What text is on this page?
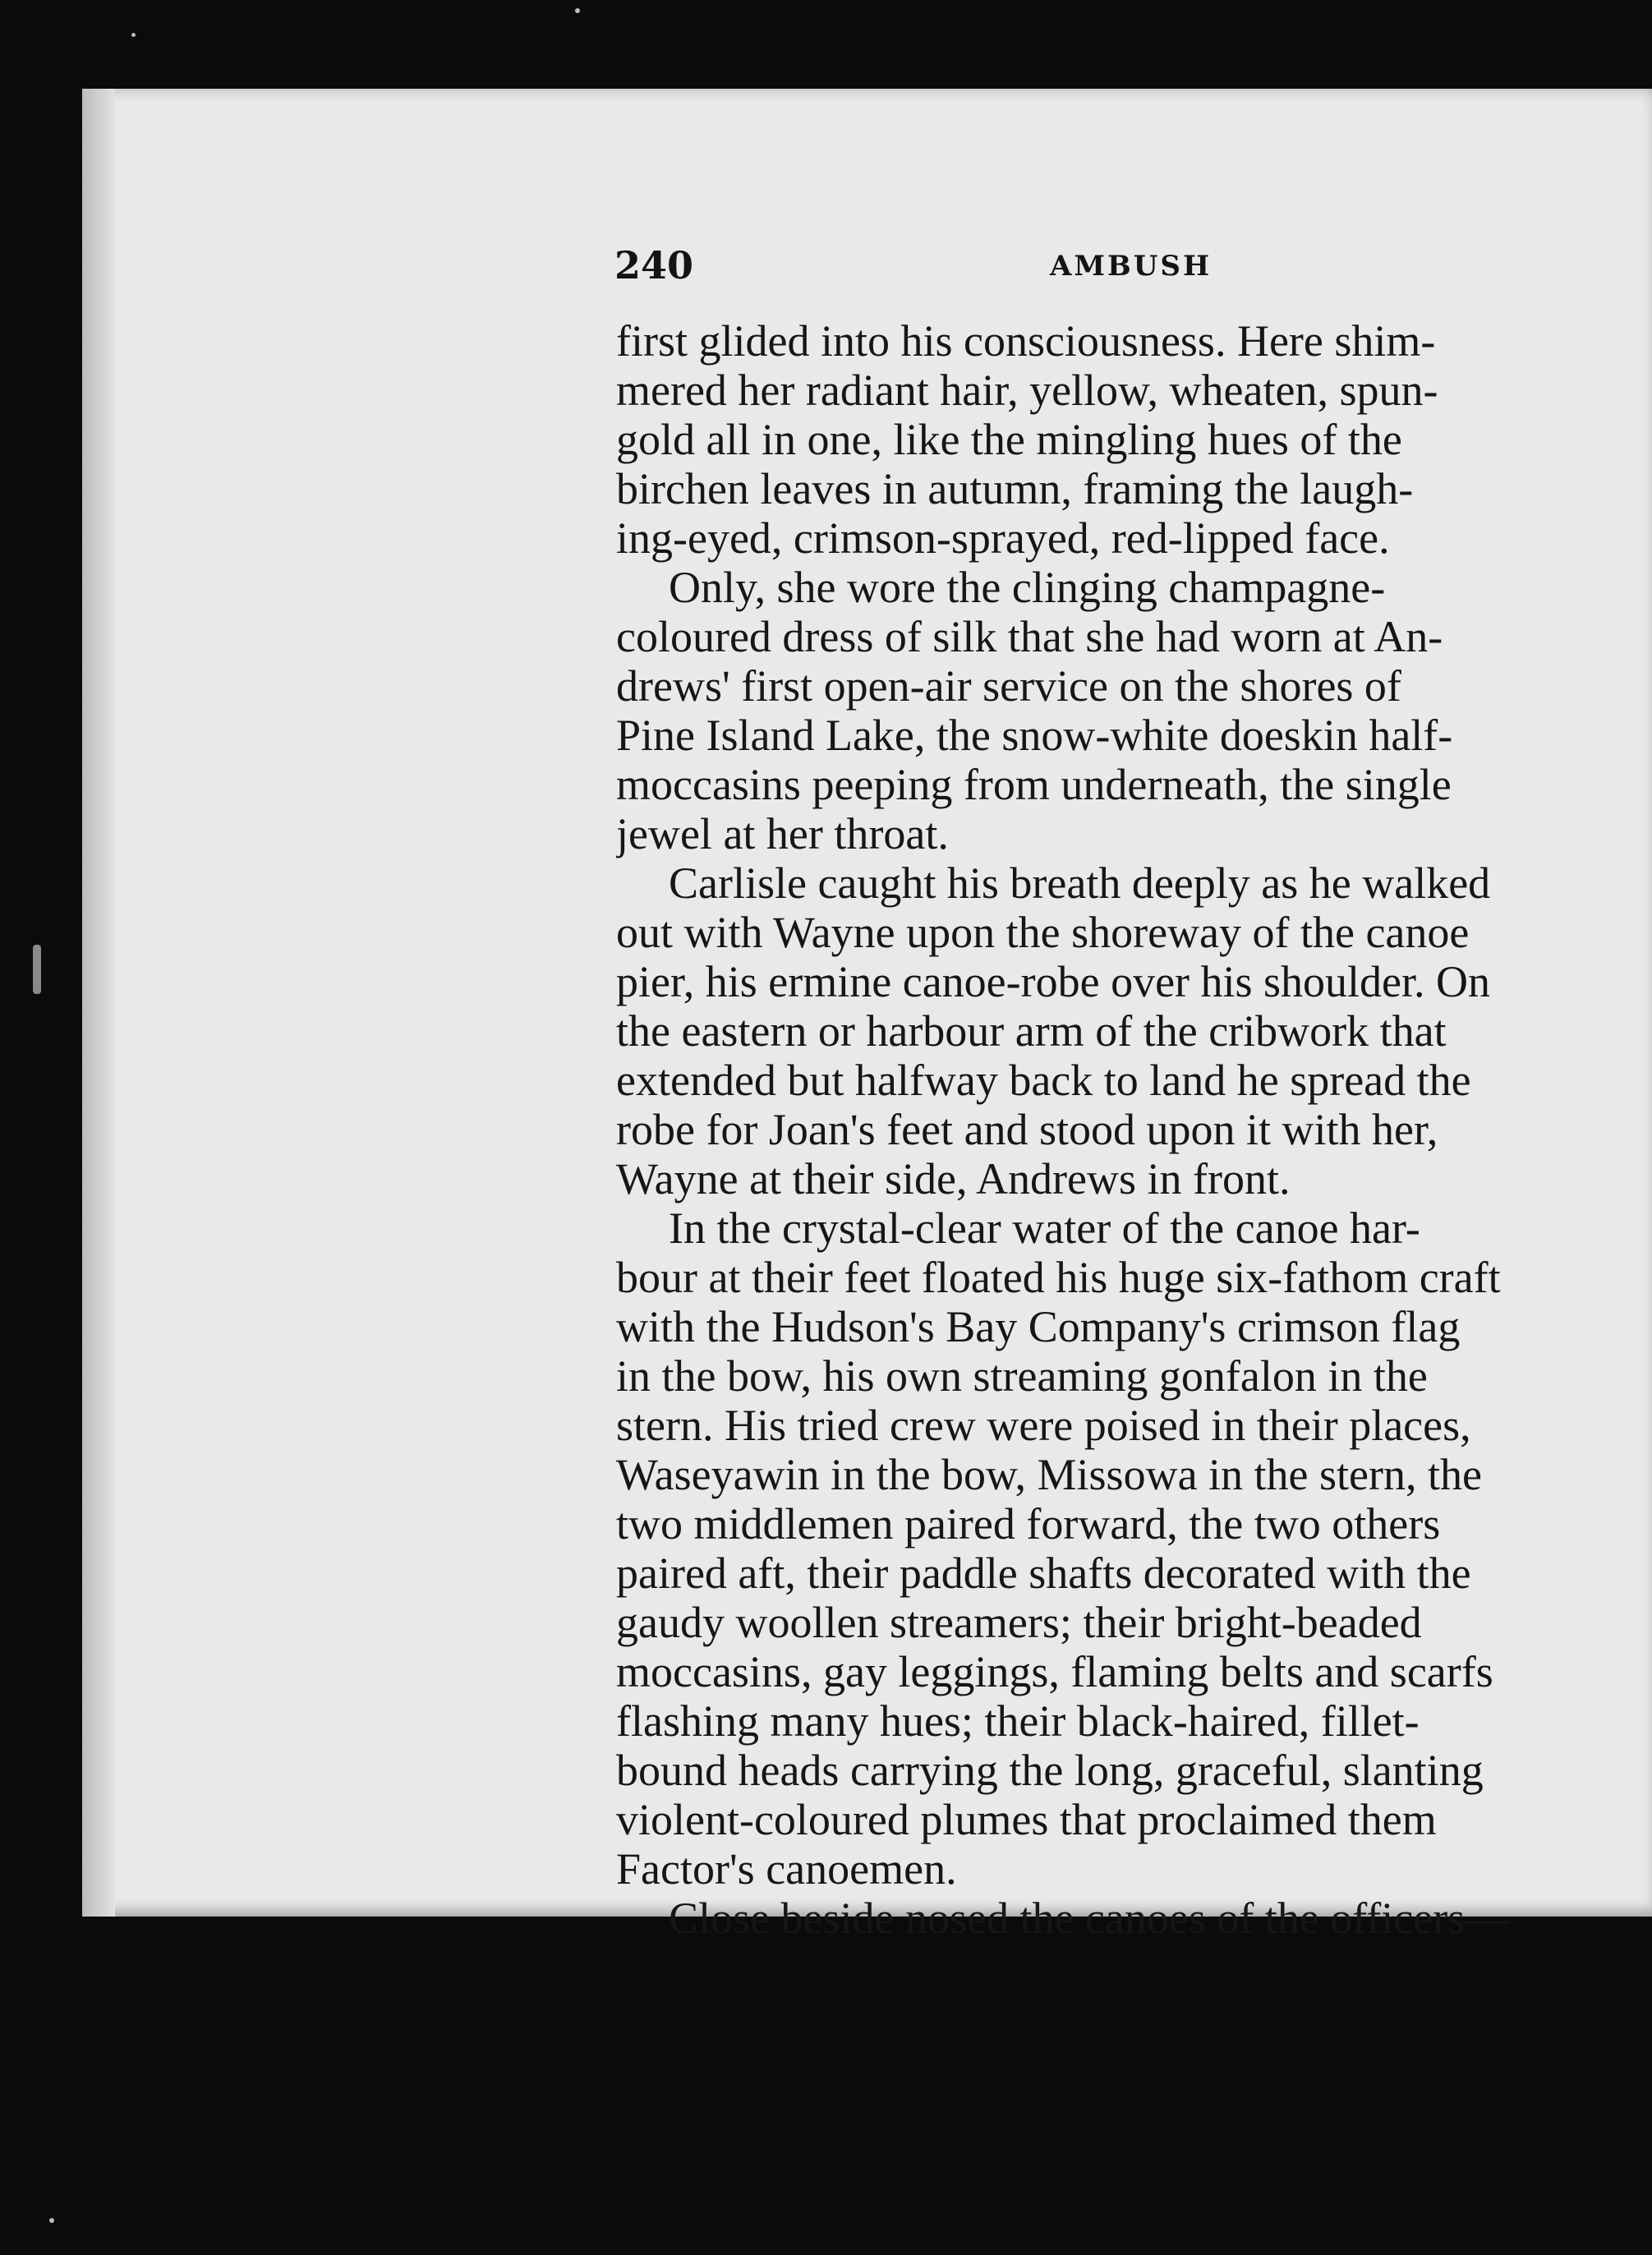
240	AMBUSH
first glided into his consciousness. Here shim-
mered her radiant hair, yellow, wheaten, spun-
gold all in one, like the mingling hues of the
birchen leaves in autumn, framing the laugh-
ing-eyed, crimson-sprayed, red-lipped face.
Only, she wore the clinging champagne-
coloured dress of silk that she had worn at An-
drews' first open-air service on the shores of
Pine Island Lake, the snow-white doeskin half-
moccasins peeping from underneath, the single
jewel at her throat.
Carlisle caught his breath deeply as he walked
out with Wayne upon the shoreway of the canoe
pier, his ermine canoe-robe over his shoulder. On
the eastern or harbour arm of the cribwork that
extended but halfway back to land he spread the
robe for Joan's feet and stood upon it with her,
Wayne at their side, Andrews in front.
In the crystal-clear water of the canoe har-
bour at their feet floated his huge six-fathom craft
with the Hudson's Bay Company's crimson flag
in the bow, his own streaming gonfalon in the
stern. His tried crew were poised in their places,
Waseyawin in the bow, Missowa in the stern, the
two middlemen paired forward, the two others
paired aft, their paddle shafts decorated with the
gaudy woollen streamers; their bright-beaded
moccasins, gay leggings, flaming belts and scarfs
flashing many hues; their black-haired, fillet-
bound heads carrying the long, graceful, slanting
violent-coloured plumes that proclaimed them
Factor's canoemen.
Close beside nosed the canoes of the officers—
